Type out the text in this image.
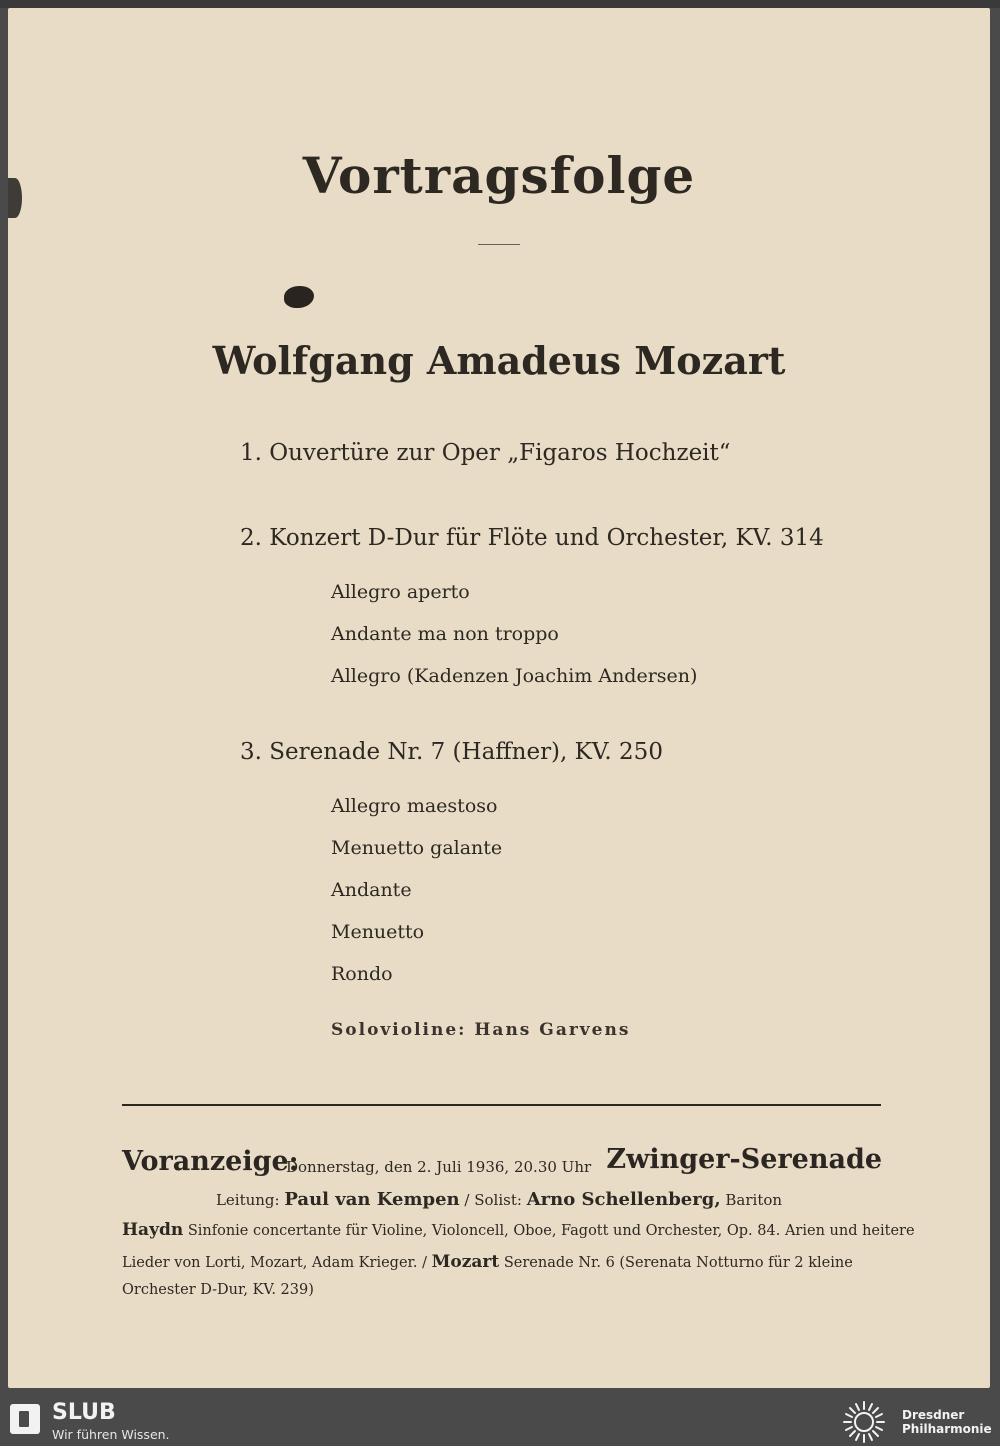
Vortragsfolge
Wolfgang Amadeus Mozart
1. Ouvertüre zur Oper „Figaros Hochzeit“
2. Konzert D-Dur für Flöte und Orchester, KV. 314
Allegro aperto
Andante ma non troppo
Allegro (Kadenzen Joachim Andersen)
3. Serenade Nr. 7 (Haffner), KV. 250
Allegro maestoso
Menuetto galante
Andante
Menuetto
Rondo
Solovioline: Hans Garvens
Voranzeige:
Donnerstag, den 2. Juli 1936, 20.30 Uhr Zwinger-Serenade
Leitung: Paul van Kempen / Solist: Arno Schellenberg, Bariton
Haydn Sinfonie concertante für Violine, Violoncell, Oboe, Fagott und Orchester, Op. 84. Arien und heitere
Lieder von Lorti, Mozart, Adam Krieger. / Mozart Serenade Nr. 6 (Serenata Notturno für 2 kleine
Orchester D-Dur, KV. 239)
SLUB
Wir führen Wissen.
Dresdner
Philharmonie
